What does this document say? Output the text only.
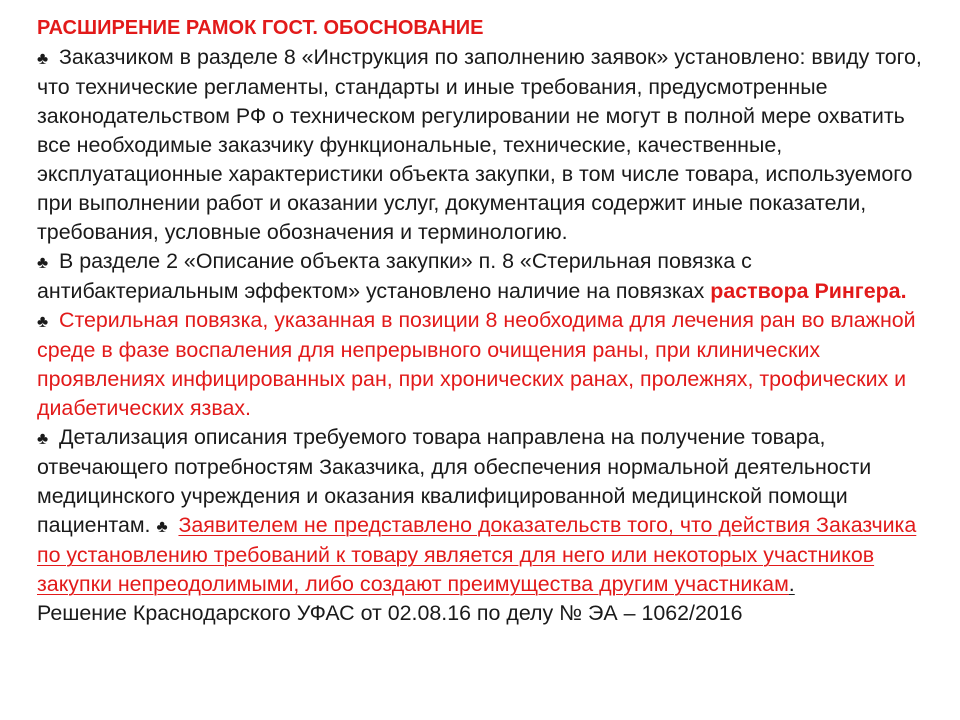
РАСШИРЕНИЕ РАМОК ГОСТ. ОБОСНОВАНИЕ

♣ Заказчиком в разделе 8 «Инструкция по заполнению заявок» установлено: ввиду того, что технические регламенты, стандарты и иные требования, предусмотренные законодательством РФ о техническом регулировании не могут в полной мере охватить все необходимые заказчику функциональные, технические, качественные, эксплуатационные характеристики объекта закупки, в том числе товара, используемого при выполнении работ и оказании услуг, документация содержит иные показатели, требования, условные обозначения и терминологию.

♣ В разделе 2 «Описание объекта закупки» п. 8 «Стерильная повязка с антибактериальным эффектом» установлено наличие на повязках раствора Рингера.

♣ Стерильная повязка, указанная в позиции 8 необходима для лечения ран во влажной среде в фазе воспаления для непрерывного очищения раны, при клинических проявлениях инфицированных ран, при хронических ранах, пролежнях, трофических и диабетических язвах.

♣ Детализация описания требуемого товара направлена на получение товара, отвечающего потребностям Заказчика, для обеспечения нормальной деятельности медицинского учреждения и оказания квалифицированной медицинской помощи пациентам. ♣ Заявителем не представлено доказательств того, что действия Заказчика по установлению требований к товару является для него или некоторых участников закупки непреодолимыми, либо создают преимущества другим участникам.

Решение Краснодарского УФАС от 02.08.16 по делу № ЭА – 1062/2016
